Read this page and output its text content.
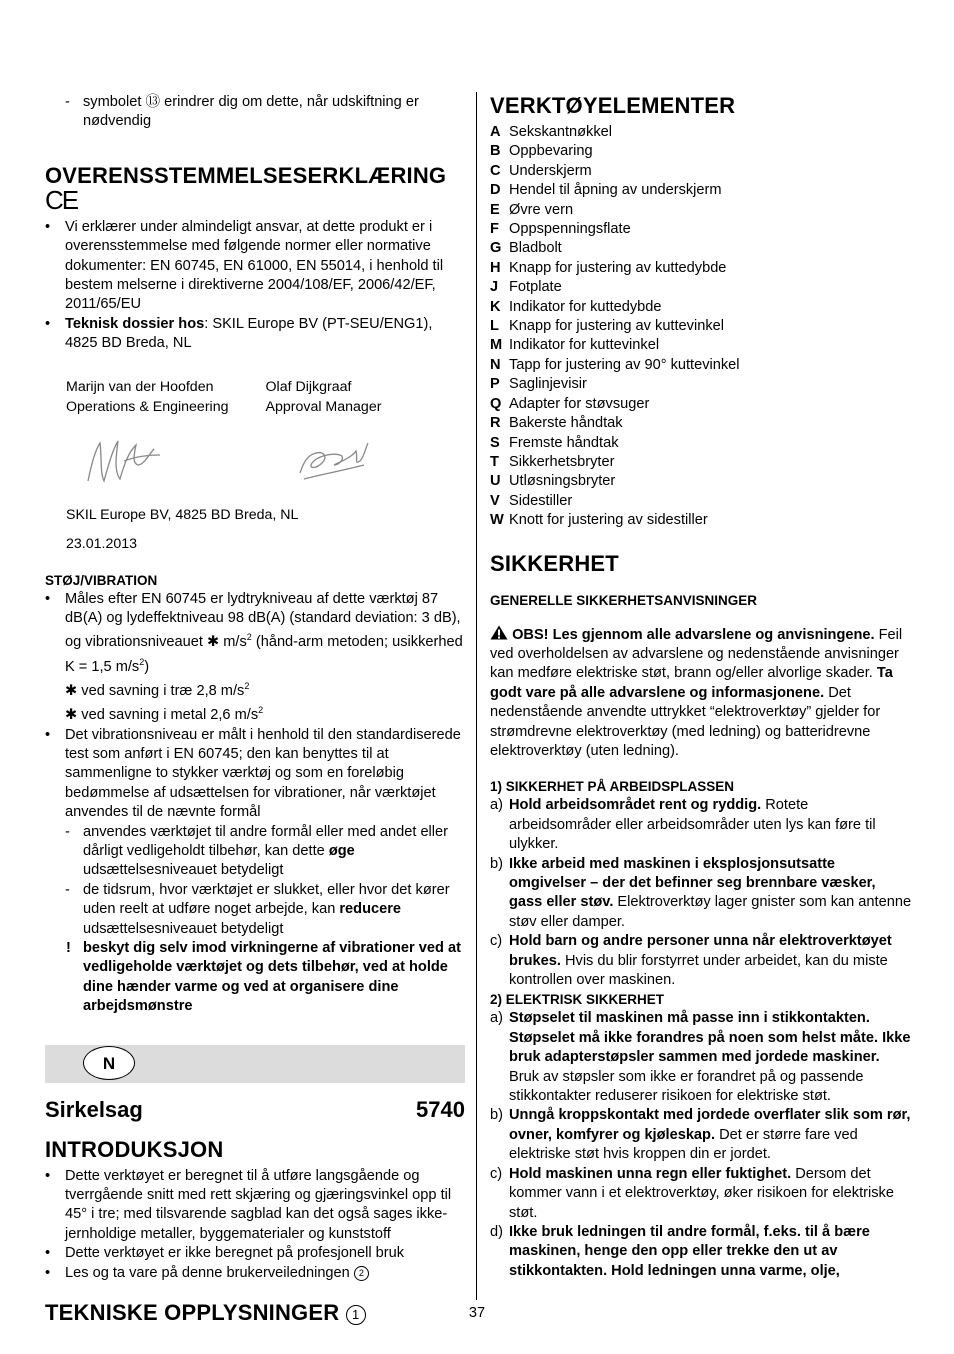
- symbolet ⑬ erindrer dig om dette, når udskiftning er nødvendig
OVERENSSTEMMELSESERKLÆRING
CE
• Vi erklærer under almindeligt ansvar, at dette produkt er i overensstemmelse med følgende normer eller normative dokumenter: EN 60745, EN 61000, EN 55014, i henhold til bestem melserne i direktiverne 2004/108/EF, 2006/42/EF, 2011/65/EU
• Teknisk dossier hos: SKIL Europe BV (PT-SEU/ENG1), 4825 BD Breda, NL
Marijn van der Hoofden
Operations & Engineering
Olaf Dijkgraaf
Approval Manager
SKIL Europe BV, 4825 BD Breda, NL
23.01.2013
STØJ/VIBRATION
• Måles efter EN 60745 er lydtrykniveau af dette værktøj 87 dB(A) og lydeffektniveau 98 dB(A) (standard deviation: 3 dB), og vibrationsniveauet ✱ $m/s^2$ (hånd-arm metoden; usikkerhed K = 1,5 $m/s^2$)
✱ ved savning i træ 2,8 $m/s^2$
✱ ved savning i metal 2,6 $m/s^2$
• Det vibrationsniveau er målt i henhold til den standardiserede test som anført i EN 60745; den kan benyttes til at sammenligne to stykker værktøj og som en foreløbig bedømmelse af udsættelsen for vibrationer, når værktøjet anvendes til de nævnte formål
- anvendes værktøjet til andre formål eller med andet eller dårligt vedligeholdt tilbehør, kan dette øge udsættelsesniveauet betydeligt
- de tidsrum, hvor værktøjet er slukket, eller hvor det kører uden reelt at udføre noget arbejde, kan reducere udsættelsesniveauet betydeligt
! beskyt dig selv imod virkningerne af vibrationer ved at vedligeholde værktøjet og dets tilbehør, ved at holde dine hænder varme og ved at organisere dine arbejdsmønstre
N
Sirkelsag	5740
INTRODUKSJON
• Dette verktøyet er beregnet til å utføre langsgående og tverrgående snitt med rett skjæring og gjæringsvinkel opp til 45° i tre; med tilsvarende sagblad kan det også sages ikke-jernholdige metaller, byggematerialer og kunststoff
• Dette verktøyet er ikke beregnet på profesjonell bruk
• Les og ta vare på denne brukerveiledningen 2
TEKNISKE OPPLYSNINGER 1
VERKTØYELEMENTER
A Sekskantnøkkel
B Oppbevaring
C Underskjerm
D Hendel til åpning av underskjerm
E Øvre vern
F Oppspenningsflate
G Bladbolt
H Knapp for justering av kuttedybde
J Fotplate
K Indikator for kuttedybde
L Knapp for justering av kuttevinkel
M Indikator for kuttevinkel
N Tapp for justering av 90° kuttevinkel
P Saglinjevisir
Q Adapter for støvsuger
R Bakerste håndtak
S Fremste håndtak
T Sikkerhetsbryter
U Utløsningsbryter
V Sidestiller
W Knott for justering av sidestiller
SIKKERHET
GENERELLE SIKKERHETSANVISNINGER

OBS! Les gjennom alle advarslene og anvisningene. Feil ved overholdelsen av advarslene og nedenstående anvisninger kan medføre elektriske støt, brann og/eller alvorlige skader. Ta godt vare på alle advarslene og informasjonene. Det nedenstående anvendte uttrykket “elektroverktøy” gjelder for strømdrevne elektroverktøy (med ledning) og batteridrevne elektroverktøy (uten ledning).

1) SIKKERHET PÅ ARBEIDSPLASSEN
a) Hold arbeidsområdet rent og ryddig. Rotete arbeidsområder eller arbeidsområder uten lys kan føre til ulykker.
b) Ikke arbeid med maskinen i eksplosjonsutsatte omgivelser – der det befinner seg brennbare væsker, gass eller støv. Elektroverktøy lager gnister som kan antenne støv eller damper.
c) Hold barn og andre personer unna når elektroverktøyet brukes. Hvis du blir forstyrret under arbeidet, kan du miste kontrollen over maskinen.
2) ELEKTRISK SIKKERHET
a) Støpselet til maskinen må passe inn i stikkontakten. Støpselet må ikke forandres på noen som helst måte. Ikke bruk adapterstøpsler sammen med jordede maskiner. Bruk av støpsler som ikke er forandret på og passende stikkontakter reduserer risikoen for elektriske støt.
b) Unngå kroppskontakt med jordede overflater slik som rør, ovner, komfyrer og kjøleskap. Det er større fare ved elektriske støt hvis kroppen din er jordet.
c) Hold maskinen unna regn eller fuktighet. Dersom det kommer vann i et elektroverktøy, øker risikoen for elektriske støt.
d) Ikke bruk ledningen til andre formål, f.eks. til å bære maskinen, henge den opp eller trekke den ut av stikkontakten. Hold ledningen unna varme, olje,
37
